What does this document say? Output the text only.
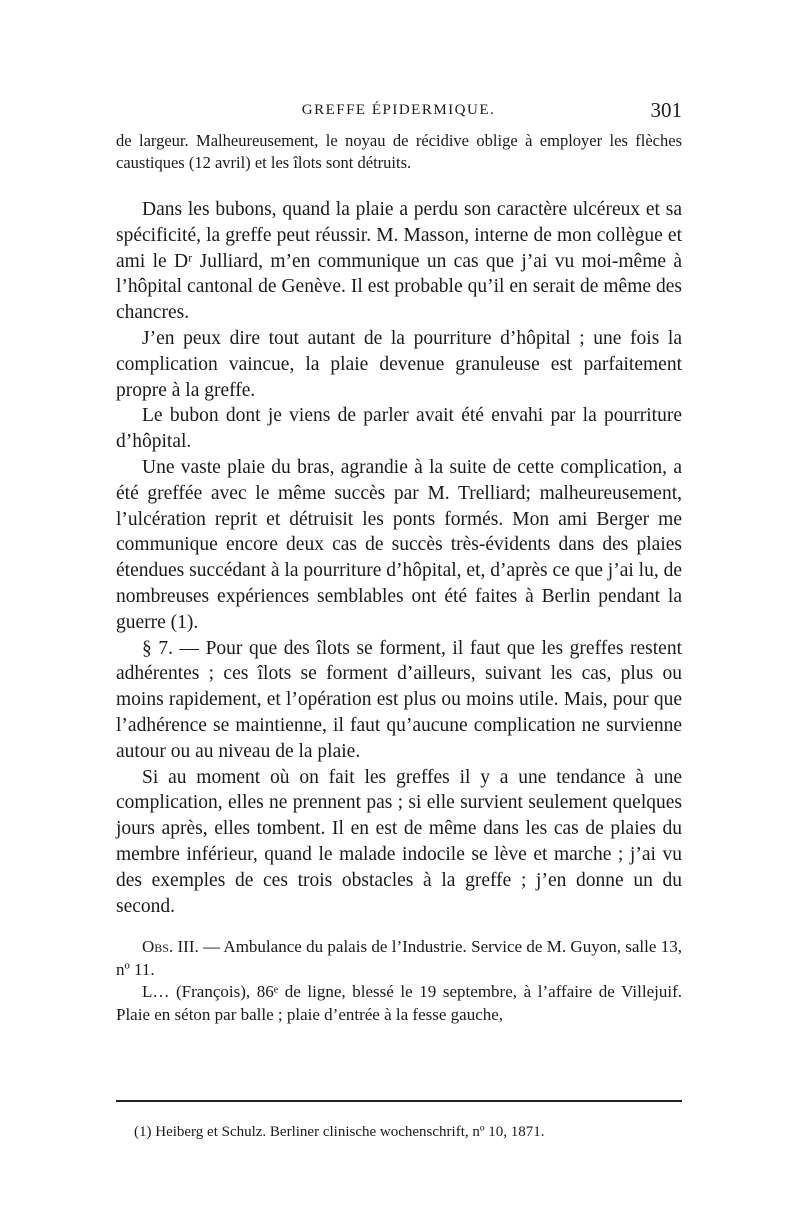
GREFFE ÉPIDERMIQUE.	301

de largeur. Malheureusement, le noyau de récidive oblige à employer les flèches caustiques (12 avril) et les îlots sont détruits.

Dans les bubons, quand la plaie a perdu son caractère ulcéreux et sa spécificité, la greffe peut réussir. M. Masson, interne de mon collègue et ami le Dʳ Julliard, m’en communique un cas que j’ai vu moi-même à l’hôpital cantonal de Genève. Il est probable qu’il en serait de même des chancres.

J’en peux dire tout autant de la pourriture d’hôpital ; une fois la complication vaincue, la plaie devenue granuleuse est parfaitement propre à la greffe.

Le bubon dont je viens de parler avait été envahi par la pourriture d’hôpital.

Une vaste plaie du bras, agrandie à la suite de cette complication, a été greffée avec le même succès par M. Trelliard; malheureusement, l’ulcération reprit et détruisit les ponts formés. Mon ami Berger me communique encore deux cas de succès très-évidents dans des plaies étendues succédant à la pourriture d’hôpital, et, d’après ce que j’ai lu, de nombreuses expériences semblables ont été faites à Berlin pendant la guerre (1).

§ 7. — Pour que des îlots se forment, il faut que les greffes restent adhérentes ; ces îlots se forment d’ailleurs, suivant les cas, plus ou moins rapidement, et l’opération est plus ou moins utile. Mais, pour que l’adhérence se maintienne, il faut qu’aucune complication ne survienne autour ou au niveau de la plaie.

Si au moment où on fait les greffes il y a une tendance à une complication, elles ne prennent pas ; si elle survient seulement quelques jours après, elles tombent. Il en est de même dans les cas de plaies du membre inférieur, quand le malade indocile se lève et marche ; j’ai vu des exemples de ces trois obstacles à la greffe ; j’en donne un du second.

Obs. III. — Ambulance du palais de l’Industrie. Service de M. Guyon, salle 13, nº 11.

L… (François), 86ᵉ de ligne, blessé le 19 septembre, à l’affaire de Villejuif. Plaie en séton par balle ; plaie d’entrée à la fesse gauche,

(1) Heiberg et Schulz. Berliner clinische wochenschrift, nº 10, 1871.
